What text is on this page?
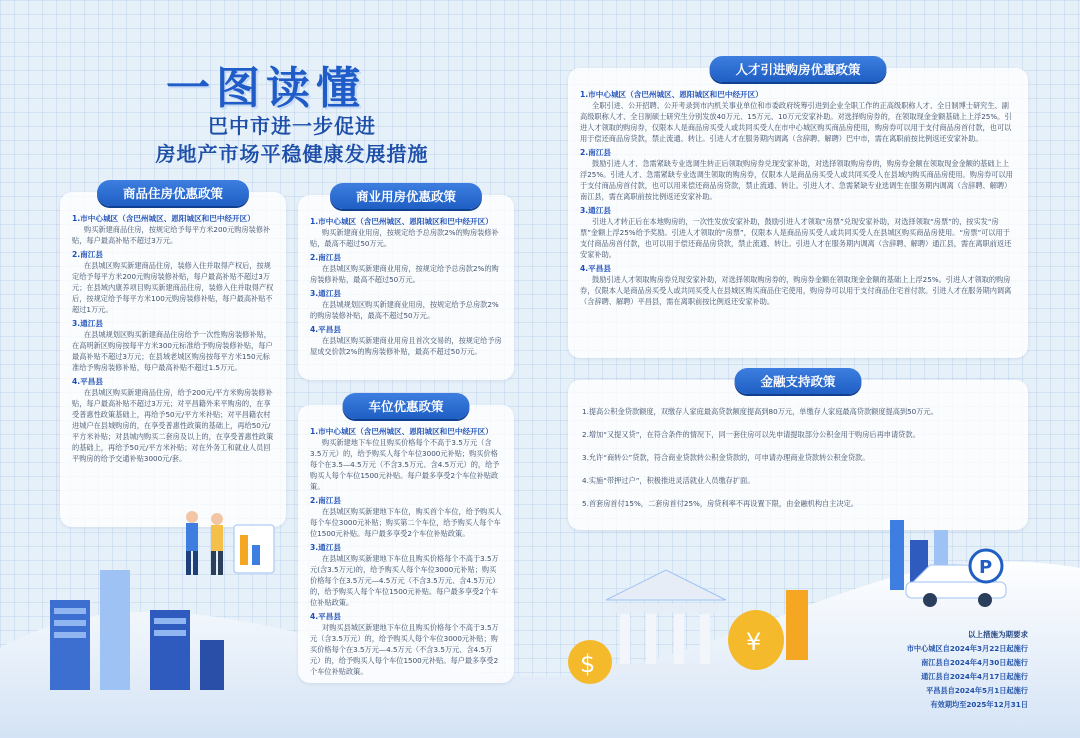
一图读懂
巴中市进一步促进
房地产市场平稳健康发展措施
商品住房优惠政策
1.市中心城区（含巴州城区、恩阳城区和巴中经开区）

购买新建商品住房，按规定给予每平方米200元购房装修补贴，每户最高补贴不超过3万元。

2.南江县

在县城区购买新建商品住房，装修入住并取得产权后，按规定给予每平方米200元购房装修补贴，每户最高补贴不超过3万元；在县域内康养项目购买新建商品住房，装修入住并取得产权后，按规定给予每平方米100元购房装修补贴，每户最高补贴不超过1万元。

3.通江县

在县城规划区购买新建商品住房给予一次性购房装修补贴，在高明新区购房按每平方米300元标准给予购房装修补贴，每户最高补贴不超过3万元；在县域老城区购房按每平方米150元标准给予购房装修补贴，每户最高补贴不超过1.5万元。

4.平昌县

在县城区购买新建商品住房，给予200元/平方米购房装修补贴，每户最高补贴不超过3万元；对平昌籍外来平购房的，在享受普惠性政策基础上，再给予50元/平方米补贴；对平昌籍农村进城户在县城购房的，在享受普惠性政策的基础上，再给50元/平方米补贴；对县城内购买二套房及以上的，在享受普惠性政策的基础上，再给予50元/平方米补贴；对在外务工和就业人员回平购房的给予交通补贴3000元/套。

商业用房优惠政策
1.市中心城区（含巴州城区、恩阳城区和巴中经开区）

购买新建商业用房，按规定给予总房款2%的购房装修补贴，最高不超过50万元。

2.南江县

在县城区购买新建商业用房，按规定给予总房款2%的购房装修补贴，最高不超过50万元。

3.通江县

在县城规划区购买新建商业用房，按规定给予总房款2%的购房装修补贴，最高不超过50万元。

4.平昌县

在县城区购买新建商业用房且首次交易的，按规定给予房屋成交价款2%的购房装修补贴，最高不超过50万元。

车位优惠政策
1.市中心城区（含巴州城区、恩阳城区和巴中经开区）

购买新建地下车位且购买价格每个不高于3.5万元（含3.5万元）的，给予购买人每个车位3000元补贴；购买价格每个在3.5—4.5万元（不含3.5万元、含4.5万元）的，给予购买人每个车位1500元补贴。每户最多享受2个车位补贴政策。

2.南江县

在县城区购买新建地下车位，购买首个车位，给予购买人每个车位3000元补贴；购买第二个车位，给予购买人每个车位1500元补贴。每户最多享受2个车位补贴政策。

3.通江县

在县城区购买新建地下车位且购买价格每个不高于3.5万元(含3.5万元)的，给予购买人每个车位3000元补贴；购买价格每个在3.5万元—4.5万元（不含3.5万元、含4.5万元）的，给予购买人每个车位1500元补贴。每户最多享受2个车位补贴政策。

4.平昌县

对购买县城区新建地下车位且购买价格每个不高于3.5万元（含3.5万元）的，给予购买人每个车位3000元补贴；购买价格每个在3.5万元—4.5万元（不含3.5万元、含4.5万元）的，给予购买人每个车位1500元补贴。每户最多享受2个车位补贴政策。

人才引进购房优惠政策
1.市中心城区（含巴州城区、恩阳城区和巴中经开区）

全职引进、公开招聘、公开考录到市内机关事业单位和市委政府统筹引进到企业全职工作的正高级职称人才、全日制博士研究生、副高级职称人才、全日制硕士研究生分别发放40万元、15万元、10万元安家补助。对选择购房券的，在领取现金金额基础上上浮25%。引进人才领取的购房券，仅限本人是商品房买受人或共同买受人在市中心城区购买商品房使用，购房券可以用于支付商品房首付款，也可以用于偿还商品房贷款，禁止流通、转让。引进人才在服务期内调离（含辞聘、解聘）巴中市，需在离职前按比例返还安家补助。

2.南江县

鼓励引进人才、急需紧缺专业选调生转正后领取购房券兑现安家补助，对选择领取购房券的，购房券金额在领取现金金额的基础上上浮25%。引进人才、急需紧缺专业选调生领取的购房券，仅限本人是商品房买受人或共同买受人在县域内购买商品房使用。购房券可以用于支付商品房首付款，也可以用来偿还商品房贷款，禁止流通、转让。引进人才、急需紧缺专业选调生在服务期内调离（含辞聘、解聘）南江县，需在离职前按比例返还安家补助。

3.通江县

引进人才转正后在本地购房的，一次性发放安家补助，鼓励引进人才领取“房票”兑现安家补助，对选择领取“房票”的，按实发“房票”金额上浮25%给予奖励。引进人才领取的“房票”，仅限本人是商品房买受人或共同买受人在县城区购买商品房使用。“房票”可以用于支付商品房首付款，也可以用于偿还商品房贷款，禁止流通、转让。引进人才在服务期内调离（含辞聘、解聘）通江县，需在离职前返还安家补助。

4.平昌县

鼓励引进人才领取购房券兑现安家补助，对选择领取购房券的，购房券金额在领取现金金额的基础上上浮25%。引进人才领取的购房券，仅限本人是商品房买受人或共同买受人在县城区购买商品住宅使用，购房券可以用于支付商品住宅首付款。引进人才在服务期内调离（含辞聘、解聘）平昌县，需在离职前按比例返还安家补助。

金融支持政策
1.提高公积金贷款额度，双缴存人家庭最高贷款额度提高到80万元，单缴存人家庭最高贷款额度提高到50万元。
2.增加“又提又贷”，在符合条件的情况下，同一套住房可以先申请提取部分公积金用于购房后再申请贷款。
3.允许“商转公”贷款，符合商业贷款转公积金贷款的，可申请办理商业贷款转公积金贷款。
4.实施“带押过户”，积极推进灵活就业人员缴存扩面。
5.首套房首付15%，二套房首付25%，房贷利率不再设置下限，由金融机构自主决定。
¥
$
P
以上措施为期要求
市中心城区自2024年3月22日起施行
南江县自2024年4月30日起施行
通江县自2024年4月17日起施行
平昌县自2024年5月1日起施行
有效期均至2025年12月31日
